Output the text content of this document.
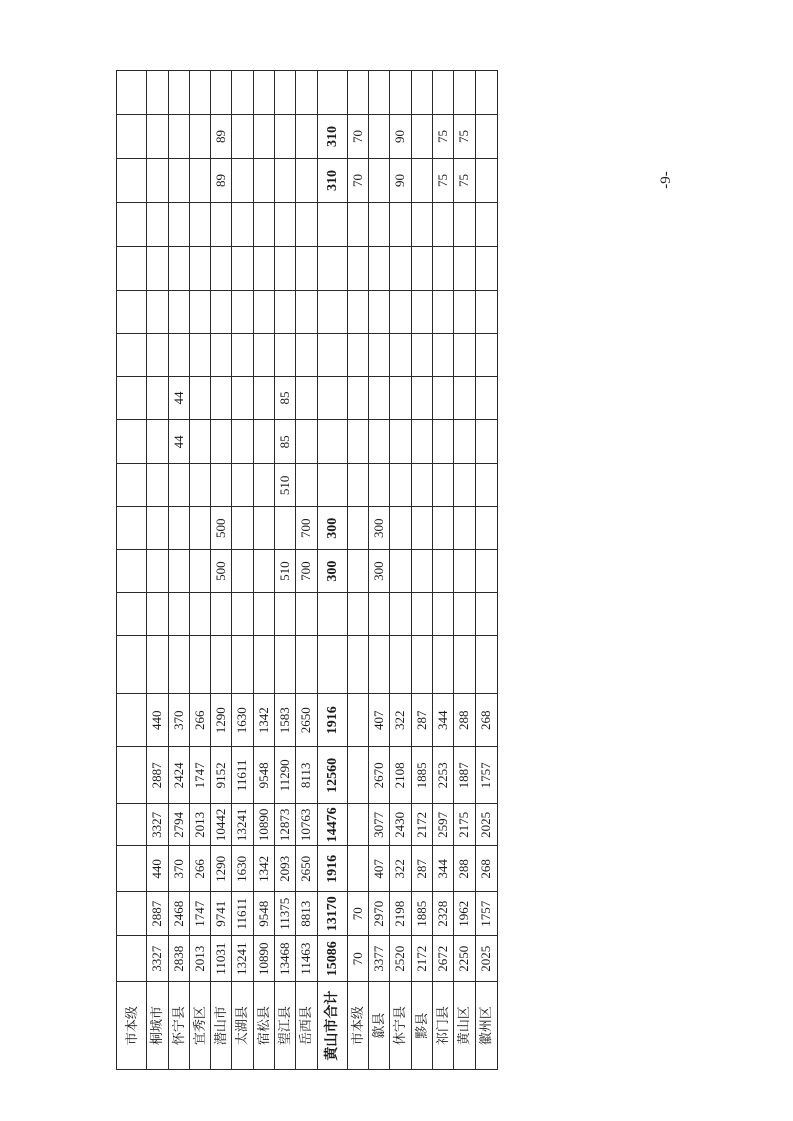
市本级																				
桐城市	3327	2887	440	3327	2887	440														
怀宁县	2838	2468	370	2794	2424	370						44	44							
宜秀区	2013	1747	266	2013	1747	266														
潜山市	11031	9741	1290	10442	9152	1290			500	500								89	89	
太湖县	13241	11611	1630	13241	11611	1630														
宿松县	10890	9548	1342	10890	9548	1342														
望江县	13468	11375	2093	12873	11290	1583			510		510	85	85							
岳西县	11463	8813	2650	10763	8113	2650			700	700										
黄山市合计	15086	13170	1916	14476	12560	1916			300	300								310	310	
市本级	70	70																70	70	
歙县	3377	2970	407	3077	2670	407			300	300										
休宁县	2520	2198	322	2430	2108	322												90	90	
黟县	2172	1885	287	2172	1885	287														
祁门县	2672	2328	344	2597	2253	344												75	75	
黄山区	2250	1962	288	2175	1887	288												75	75	
徽州区	2025	1757	268	2025	1757	268														
-9-
